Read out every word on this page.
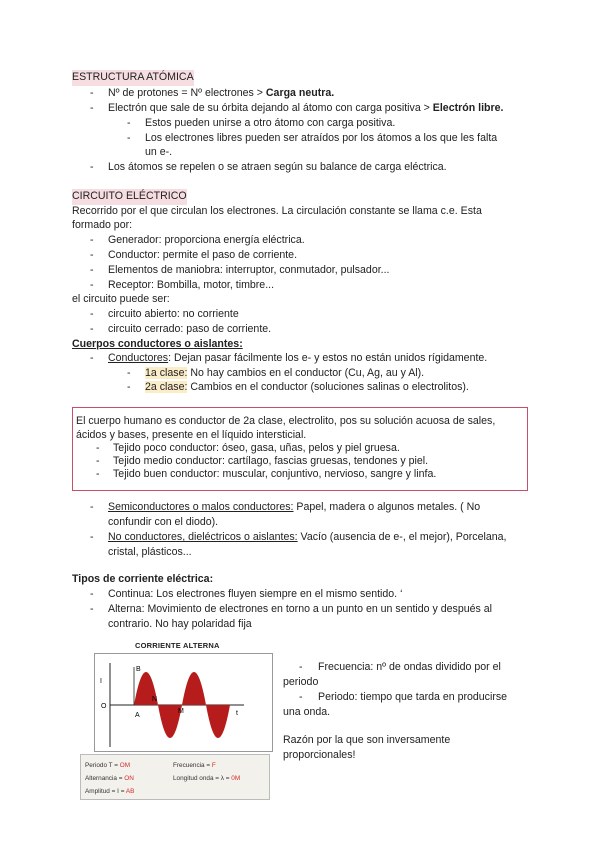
ESTRUCTURA ATÓMICA
- Nº de protones = Nº electrones > Carga neutra.
- Electrón que sale de su órbita dejando al átomo con carga positiva > Electrón libre.
- Estos pueden unirse a otro átomo con carga positiva.
- Los electrones libres pueden ser atraídos por los átomos a los que les falta
un e-.
- Los átomos se repelen o se atraen según su balance de carga eléctrica.
CIRCUITO ELÉCTRICO
Recorrido por el que circulan los electrones. La circulación constante se llama c.e. Esta
formado por:
- Generador: proporciona energía eléctrica.
- Conductor: permite el paso de corriente.
- Elementos de maniobra: interruptor, conmutador, pulsador...
- Receptor: Bombilla, motor, timbre...
el circuito puede ser:
- circuito abierto: no corriente
- circuito cerrado: paso de corriente.
Cuerpos conductores o aislantes:
- Conductores: Dejan pasar fácilmente los e- y estos no están unidos rígidamente.
- 1a clase: No hay cambios en el conductor (Cu, Ag, au y Al).
- 2a clase: Cambios en el conductor (soluciones salinas o electrolitos).
El cuerpo humano es conductor de 2a clase, electrolito, pos su solución acuosa de sales,
ácidos y bases, presente en el líquido intersticial.
- Tejido poco conductor: óseo, gasa, uñas, pelos y piel gruesa.
- Tejido medio conductor: cartílago, fascias gruesas, tendones y piel.
- Tejido buen conductor: muscular, conjuntivo, nervioso, sangre y linfa.
- Semiconductores o malos conductores: Papel, madera o algunos metales. ( No
confundir con el diodo).
- No conductores, dieléctricos o aislantes: Vacío (ausencia de e-, el mejor), Porcelana,
cristal, plásticos...
Tipos de corriente eléctrica:
- Continua: Los electrones fluyen siempre en el mismo sentido. ‘
- Alterna: Movimiento de electrones en torno a un punto en un sentido y después al
contrario. No hay polaridad fija
CORRIENTE ALTERNA
I
O
B
N
A
M	t
Periodo T = OM	Frecuencia = F
Alternancia = ON	Longitud onda = λ = 0M
Amplitud = I = AB
- Frecuencia: nº de ondas dividido por el
periodo
- Periodo: tiempo que tarda en producirse
una onda.
Razón por la que son inversamente
proporcionales!
